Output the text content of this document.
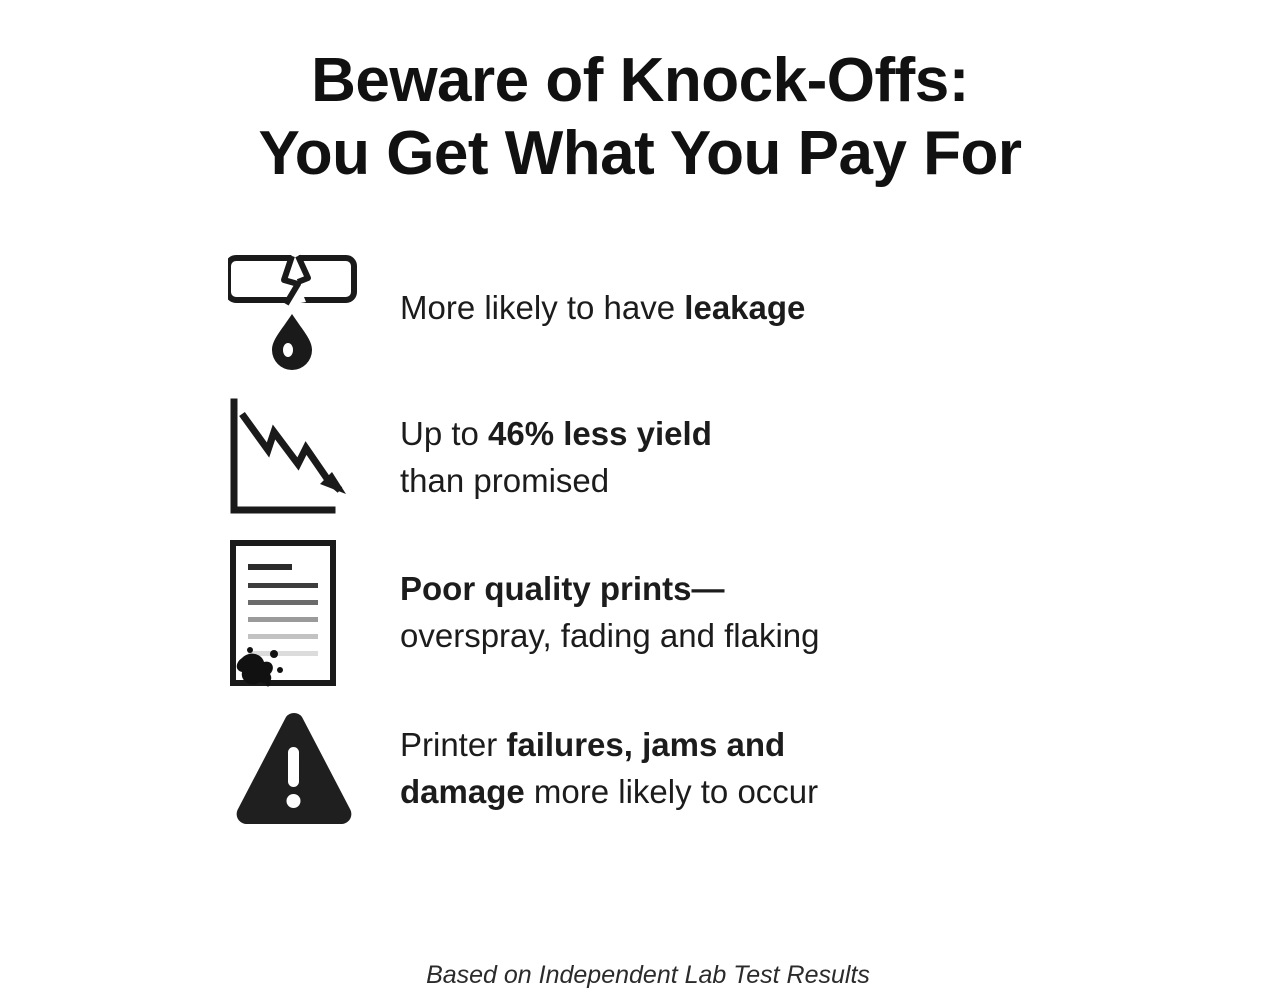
Beware of Knock-Offs:
You Get What You Pay For
More likely to have leakage
Up to 46% less yield
than promised
Poor quality prints—
overspray, fading and flaking
Printer failures, jams and
damage more likely to occur
Based on Independent Lab Test Results
